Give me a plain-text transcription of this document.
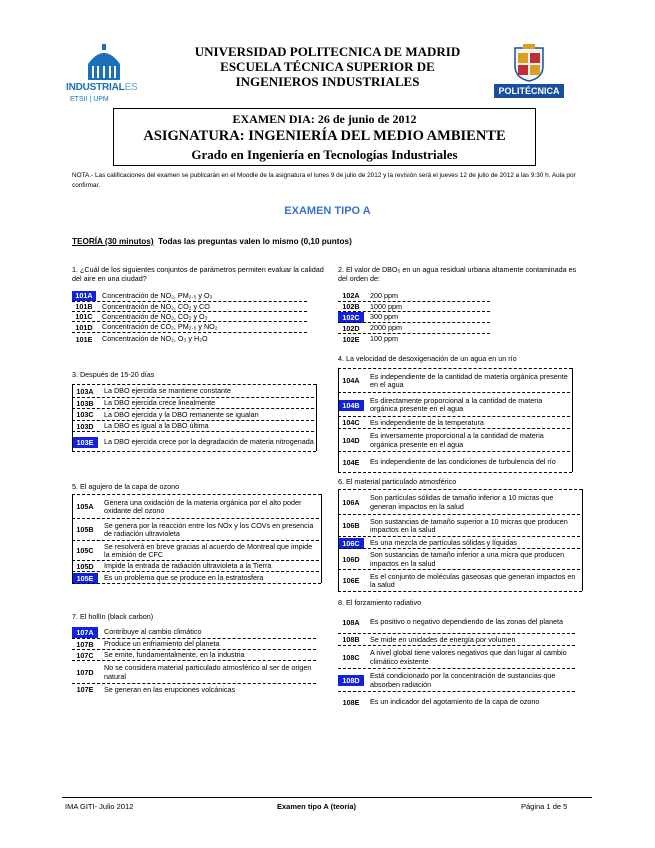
INDUSTRIALES
ETSII | UPM
UNIVERSIDAD POLITECNICA DE MADRID
ESCUELA TÉCNICA SUPERIOR DE
INGENIEROS INDUSTRIALES
POLITÉCNICA
EXAMEN DIA: 26 de junio de 2012
ASIGNATURA: INGENIERÍA DEL MEDIO AMBIENTE
Grado en Ingeniería en Tecnologías Industriales
NOTA.- Las calificaciones del examen se publicarán en el Moodle de la asignatura el lunes 9 de julio de 2012 y la revisión será el jueves 12 de julio de 2012 a las 9:30 h. Aula por confirmar.
EXAMEN TIPO A
TEORÍA (30 minutos) Todas las preguntas valen lo mismo (0,10 puntos)
1. ¿Cuál de los siguientes conjuntos de parámetros permiten evaluar la calidad del aire en una ciudad?
101A	Concentración de NO₂, PM₂.₅ y O₃
101B	Concentración de NO₂, CO₂ y CO
101C	Concentración de NO₂, CO₂ y O₃
101D	Concentración de CO₂, PM₂.₅ y NO₂
101E	Concentración de NO₂, O₃ y H₂O
2. El valor de DBO₅ en un agua residual urbana altamente contaminada es del orden de:
102A	200 ppm
102B	1000 ppm
102C	300 ppm
102D	2000 ppm
102E	100 ppm
3. Después de 15-20 días
103A	La DBO ejercida se mantiene constante
103B	La DBO ejercida crece linealmente
103C	La DBO ejercida y la DBO remanente se igualan
103D	La DBO es igual a la DBO última
103E	La DBO ejercida crece por la degradación de materia nitrogenada
4. La velocidad de desoxigenación de un agua en un río
104A	Es independiente de la cantidad de materia orgánica presente en el agua
104B
Es directamente proporcional a la cantidad de materia orgánica presente en el agua
104C	Es independiente de la temperatura
104D
Es inversamente proporcional a la cantidad de materia orgánica presente en el agua
104E	Es independiente de las condiciones de turbulencia del río
5. El agujero de la capa de ozono
105A	Genera una oxidación de la materia orgánica por el alto poder oxidante del ozono
105B	Se genera por la reacción entre los NOx y los COVs en presencia de radiación ultravioleta
105C	Se resolverá en breve gracias al acuerdo de Montreal que impide la emisión de CFC
105D	Impide la entrada de radiación ultravioleta a la Tierra
105E	Es un problema que se produce en la estratosfera
6. El material particulado atmosférico
106A
Son partículas sólidas de tamaño inferior a 10 micras que generan impactos en la salud
106B	Son sustancias de tamaño superior a 10 micras que producen impactos en la salud
106C	Es una mezcla de partículas sólidas y líquidas
106D
Son sustancias de tamaño inferior a una micra que producen impactos en la salud
106E	Es el conjunto de moléculas gaseosas que generan impactos en la salud
7. El hollín (black carbon)
107A	Contribuye al cambio climático
107B	Produce un enfriamiento del planeta
107C	Se emite, fundamentalmente, en la industria
107D
No se considera material particulado atmosférico al ser de origen natural
107E	Se generan en las erupciones volcánicas
8. El forzamiento radiativo
108A	Es positivo o negativo dependiendo de las zonas del planeta
108B	Se mide en unidades de energía por volumen
108C
A nivel global tiene valores negativos que dan lugar al cambio climático existente
108D
Está condicionado por la concentración de sustancias que absorben radiación
108E	Es un indicador del agotamiento de la capa de ozono
IMA GITI- Julio 2012	Examen tipo A (teoría)	Página 1 de 5
